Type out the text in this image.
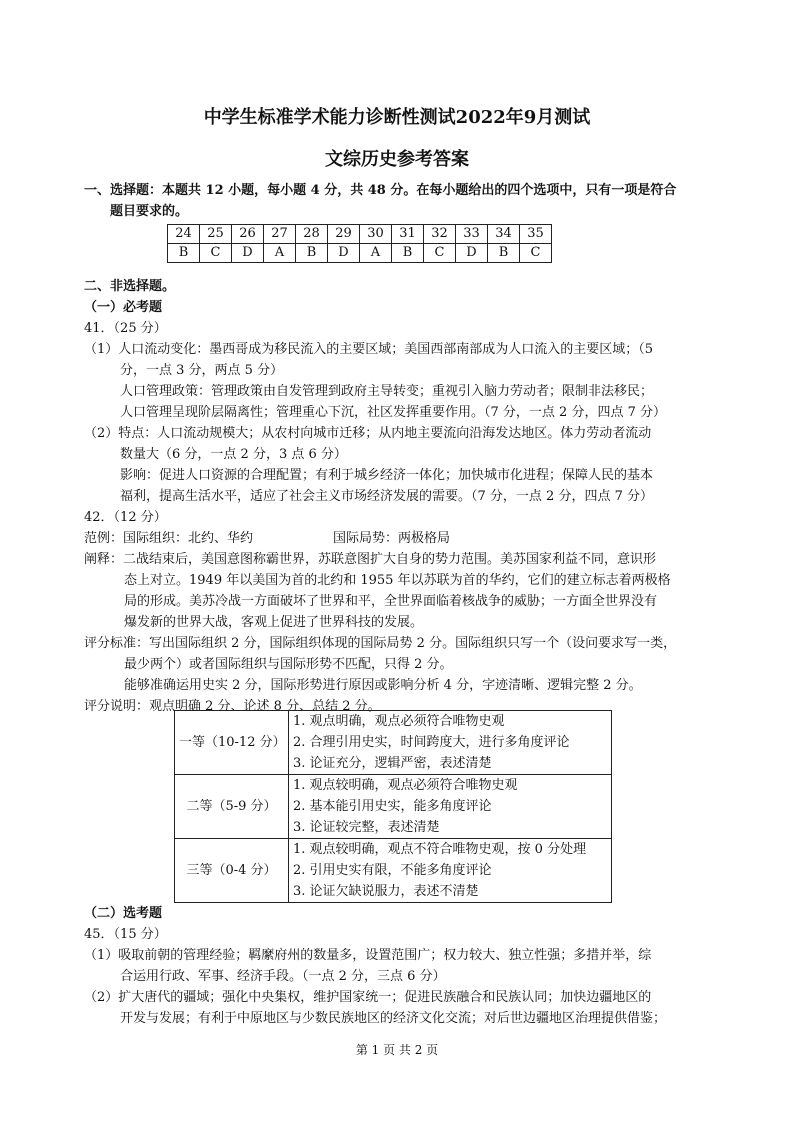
中学生标准学术能力诊断性测试2022年9月测试
文综历史参考答案
一、选择题：本题共 12 小题，每小题 4 分，共 48 分。在每小题给出的四个选项中，只有一项是符合
题目要求的。
24	25	26	27	28	29	30	31	32	33	34	35
B	C	D	A	B	D	A	B	C	D	B	C
二、非选择题。
（一）必考题
41．（25 分）
（1）人口流动变化：墨西哥成为移民流入的主要区域；美国西部南部成为人口流入的主要区域；（5
分，一点 3 分，两点 5 分）
人口管理政策：管理政策由自发管理到政府主导转变；重视引入脑力劳动者；限制非法移民；
人口管理呈现阶层隔离性；管理重心下沉，社区发挥重要作用。（7 分，一点 2 分，四点 7 分）
（2）特点：人口流动规模大；从农村向城市迁移；从内地主要流向沿海发达地区。体力劳动者流动
数量大（6 分，一点 2 分，3 点 6 分）
影响：促进人口资源的合理配置；有利于城乡经济一体化；加快城市化进程；保障人民的基本
福利，提高生活水平，适应了社会主义市场经济发展的需要。（7 分，一点 2 分，四点 7 分）
42．（12 分）
范例：国际组织：北约、华约	国际局势：两极格局
阐释：二战结束后，美国意图称霸世界，苏联意图扩大自身的势力范围。美苏国家利益不同，意识形
态上对立。1949 年以美国为首的北约和 1955 年以苏联为首的华约，它们的建立标志着两极格
局的形成。美苏冷战一方面破坏了世界和平，全世界面临着核战争的威胁；一方面全世界没有
爆发新的世界大战，客观上促进了世界科技的发展。
评分标准：写出国际组织 2 分，国际组织体现的国际局势 2 分。国际组织只写一个（设问要求写一类，
最少两个）或者国际组织与国际形势不匹配，只得 2 分。
能够准确运用史实 2 分，国际形势进行原因或影响分析 4 分，字迹清晰、逻辑完整 2 分。
评分说明：观点明确 2 分、论述 8 分、总结 2 分。
一等（10-12 分）	1. 观点明确，观点必须符合唯物史观
2. 合理引用史实，时间跨度大，进行多角度评论
3. 论证充分，逻辑严密，表述清楚

二等（5-9 分）	1. 观点较明确，观点必须符合唯物史观
2. 基本能引用史实，能多角度评论
3. 论证较完整，表述清楚

三等（0-4 分）	1. 观点较明确，观点不符合唯物史观，按 0 分处理
2. 引用史实有限，不能多角度评论
3. 论证欠缺说服力，表述不清楚
（二）选考题
45．（15 分）
（1）吸取前朝的管理经验；羁縻府州的数量多，设置范围广；权力较大、独立性强；多措并举，综
合运用行政、军事、经济手段。（一点 2 分，三点 6 分）
（2）扩大唐代的疆域；强化中央集权，维护国家统一；促进民族融合和民族认同；加快边疆地区的
开发与发展；有利于中原地区与少数民族地区的经济文化交流；对后世边疆地区治理提供借鉴；
第 1 页 共 2 页
